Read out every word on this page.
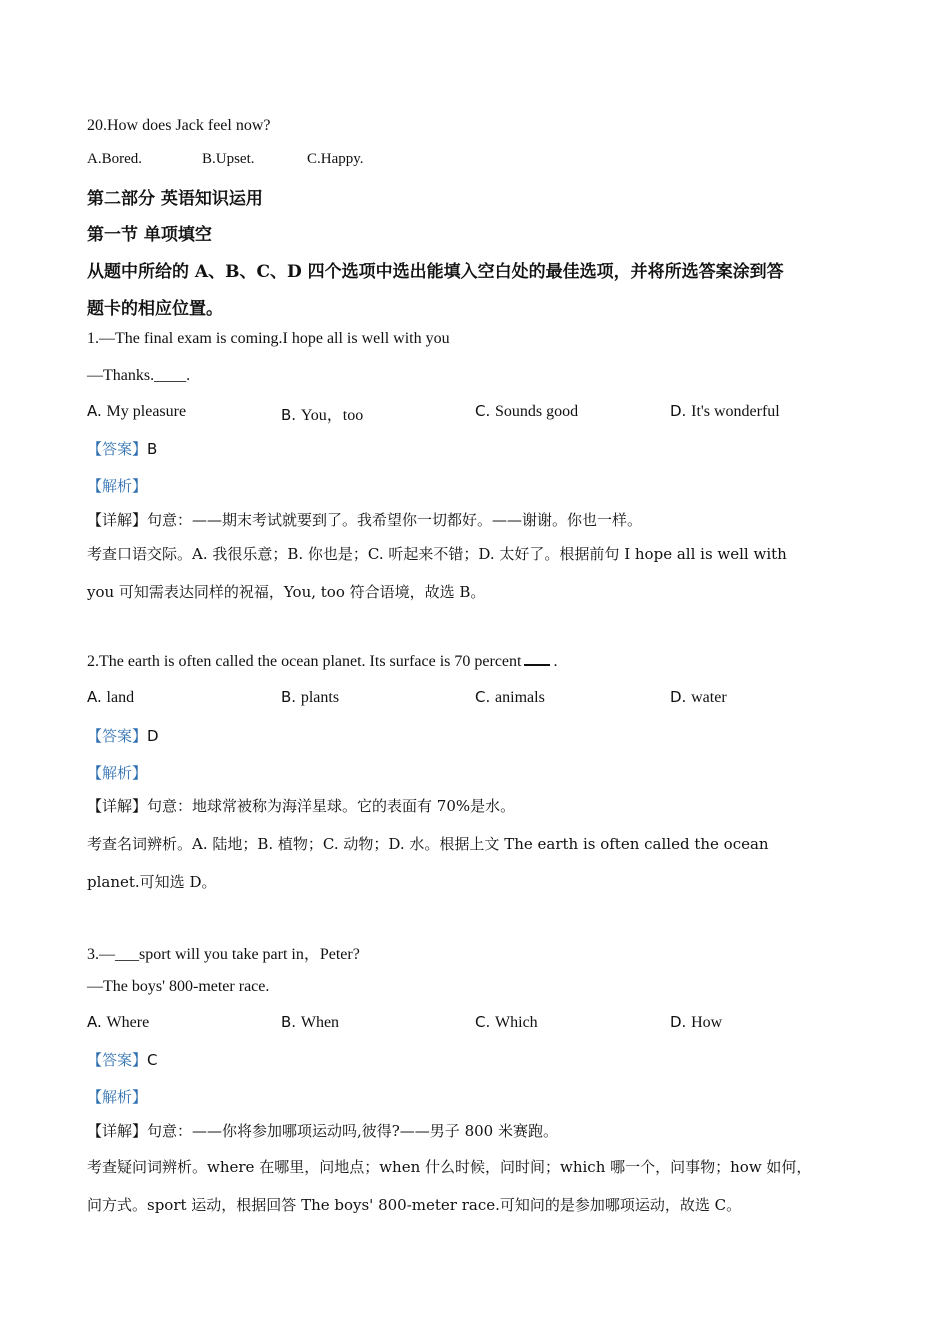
20.How does Jack feel now?
A.Bored.	B.Upset.	C.Happy.
第二部分 英语知识运用
第一节 单项填空
从题中所给的 A、B、C、D 四个选项中选出能填入空白处的最佳选项，并将所选答案涂到答
题卡的相应位置。
1.—The final exam is coming.I hope all is well with you
—Thanks.____.
A. My pleasure	B. You，too	C. Sounds good	D. It's wonderful
【答案】B
【解析】
【详解】句意：——期末考试就要到了。我希望你一切都好。——谢谢。你也一样。
考查口语交际。A. 我很乐意；B. 你也是；C. 听起来不错；D. 太好了。根据前句 I hope all is well with
you 可知需表达同样的祝福，You, too 符合语境，故选 B。
2.The earth is often called the ocean planet. Its surface is 70 percent .
A. land	B. plants	C. animals	D. water
【答案】D
【解析】
【详解】句意：地球常被称为海洋星球。它的表面有 70%是水。
考查名词辨析。A. 陆地；B. 植物；C. 动物；D. 水。根据上文 The earth is often called the ocean
planet.可知选 D。
3.—___sport will you take part in，Peter?
—The boys' 800-meter race.
A. Where	B. When	C. Which	D. How
【答案】C
【解析】
【详解】句意：——你将参加哪项运动吗,彼得?——男子 800 米赛跑。
考查疑问词辨析。where 在哪里，问地点；when 什么时候，问时间；which 哪一个，问事物；how 如何，
问方式。sport 运动，根据回答 The boys' 800-meter race.可知问的是参加哪项运动，故选 C。
